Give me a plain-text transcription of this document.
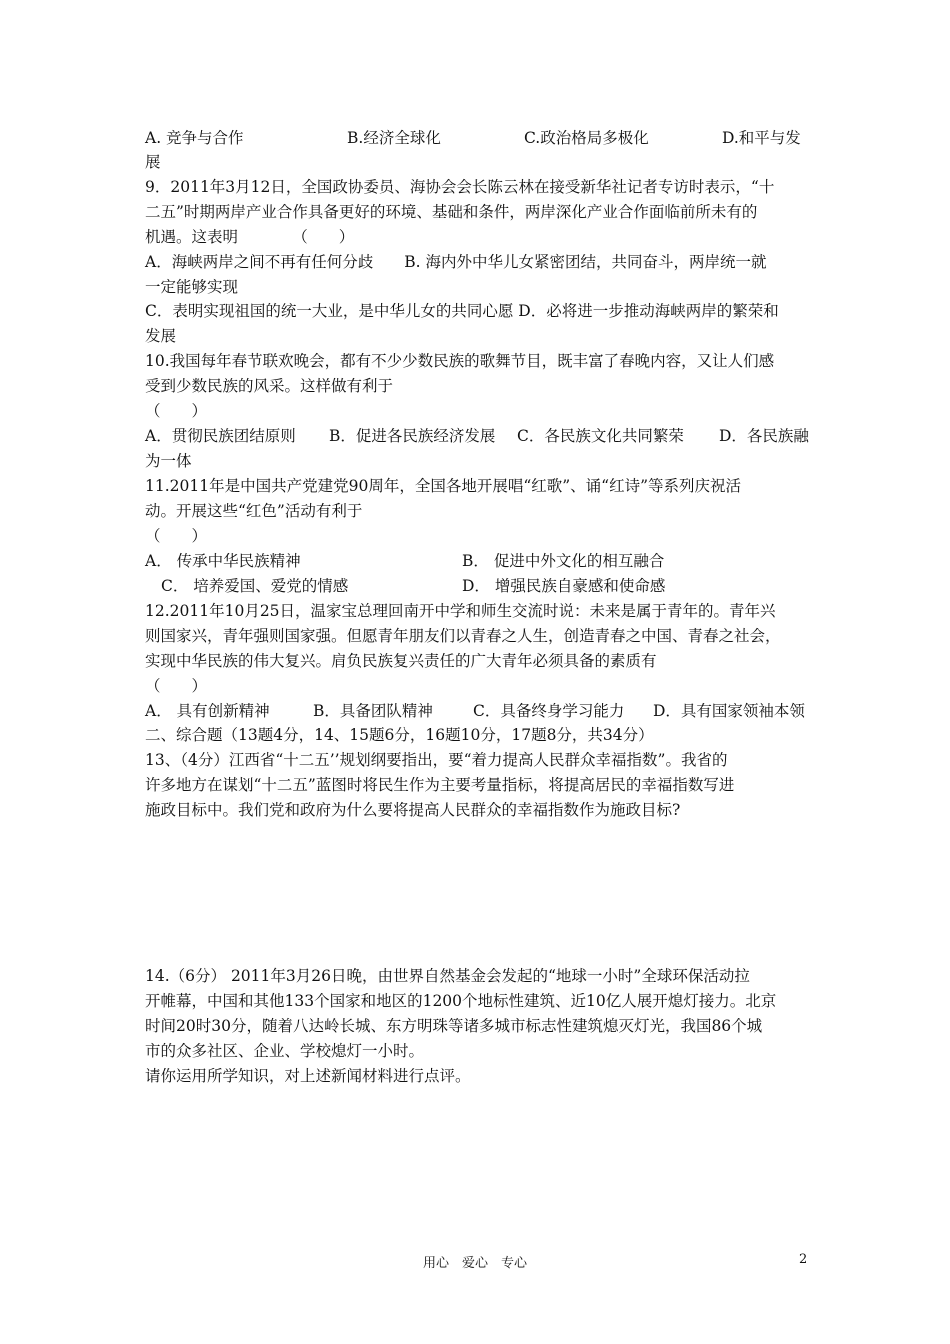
A. 竞争与合作	B.经济全球化	C.政治格局多极化	D.和平与发
展
9．2011年3月12日，全国政协委员、海协会会长陈云林在接受新华社记者专访时表示，“十
二五”时期两岸产业合作具备更好的环境、基础和条件，两岸深化产业合作面临前所未有的
机遇。这表明　　　　（　　）
A．海峡两岸之间不再有任何分歧　　B. 海内外中华儿女紧密团结，共同奋斗，两岸统一就
一定能够实现
C．表明实现祖国的统一大业，是中华儿女的共同心愿 D．必将进一步推动海峡两岸的繁荣和
发展
10.我国每年春节联欢晚会，都有不少少数民族的歌舞节目，既丰富了春晚内容，又让人们感
受到少数民族的风采。这样做有利于
（　　）
A．贯彻民族团结原则 B．促进各民族经济发展 C．各民族文化共同繁荣 D．各民族融
为一体
11.2011年是中国共产党建党90周年，全国各地开展唱“红歌”、诵“红诗”等系列庆祝活
动。开展这些“红色”活动有利于
（　　）
A． 传承中华民族精神	B． 促进中外文化的相互融合
C． 培养爱国、爱党的情感	D． 增强民族自豪感和使命感
12.2011年10月25日，温家宝总理回南开中学和师生交流时说：未来是属于青年的。青年兴
则国家兴，青年强则国家强。但愿青年朋友们以青春之人生，创造青春之中国、青春之社会，
实现中华民族的伟大复兴。肩负民族复兴责任的广大青年必须具备的素质有
（　　）
A． 具有创新精神	B．具备团队精神	C．具备终身学习能力 D．具有国家领袖本领
二、综合题（13题4分，14、15题6分，16题10分，17题8分，共34分）
13、（4分）江西省“十二五’’规划纲要指出，要“着力提高人民群众幸福指数”。我省的
许多地方在谋划“十二五”蓝图时将民生作为主要考量指标，将提高居民的幸福指数写进
施政目标中。我们党和政府为什么要将提高人民群众的幸福指数作为施政目标?
14.（6分） 2011年3月26日晚，由世界自然基金会发起的“地球一小时”全球环保活动拉
开帷幕，中国和其他133个国家和地区的1200个地标性建筑、近10亿人展开熄灯接力。北京
时间20时30分，随着八达岭长城、东方明珠等诸多城市标志性建筑熄灭灯光，我国86个城
市的众多社区、企业、学校熄灯一小时。
请你运用所学知识，对上述新闻材料进行点评。
用心　爱心　专心	2
